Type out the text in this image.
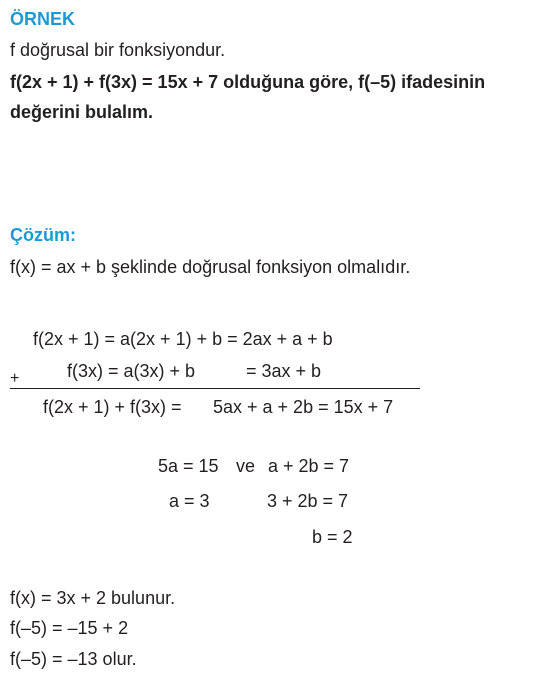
ÖRNEK
f doğrusal bir fonksiyondur.
f(2x + 1) + f(3x) = 15x + 7 olduğuna göre, f(–5) ifadesinin
değerini bulalım.
Çözüm:
f(x) = ax + b şeklinde doğrusal fonksiyon olmalıdır.
f(2x + 1) = a(2x + 1) + b = 2ax + a + b
f(3x) = a(3x) + b	= 3ax + b
+
f(2x + 1) + f(3x) = 5ax + a + 2b = 15x + 7
5a = 15 ve a + 2b = 7
a = 3	3 + 2b = 7
b = 2
f(x) = 3x + 2 bulunur.
f(–5) = –15 + 2
f(–5) = –13 olur.
